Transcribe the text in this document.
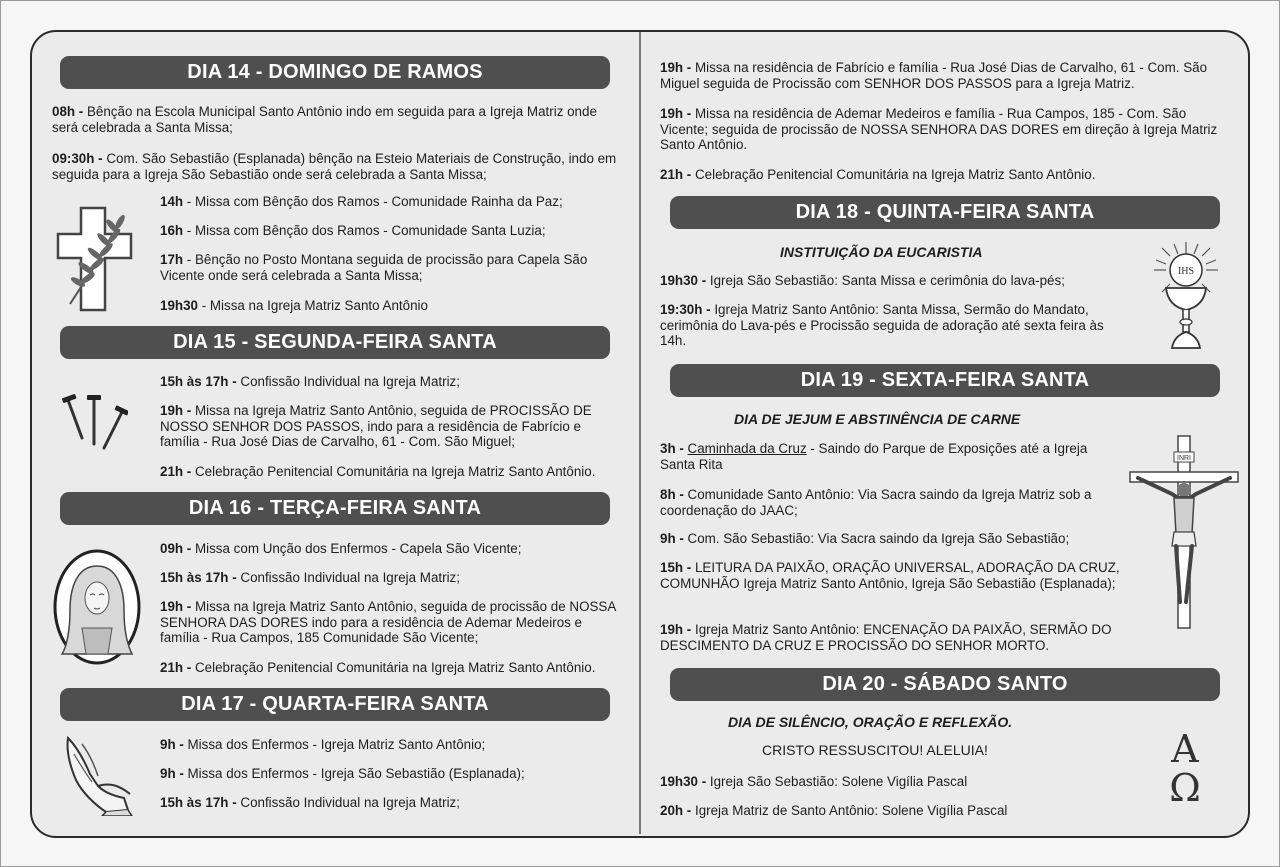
DIA 14 - DOMINGO DE RAMOS

08h - Bênção na Escola Municipal Santo Antônio indo em seguida para a Igreja Matriz onde será celebrada a Santa Missa;

09:30h - Com. São Sebastião (Esplanada) bênção na Esteio Materiais de Construção, indo em seguida para a Igreja São Sebastião onde será celebrada a Santa Missa;

14h - Missa com Bênção dos Ramos - Comunidade Rainha da Paz;

16h - Missa com Bênção dos Ramos - Comunidade Santa Luzia;

17h - Bênção no Posto Montana seguida de procissão para Capela São Vicente onde será celebrada a Santa Missa;

19h30 - Missa na Igreja Matriz Santo Antônio

DIA 15 - SEGUNDA-FEIRA SANTA

15h às 17h - Confissão Individual na Igreja Matriz;

19h - Missa na Igreja Matriz Santo Antônio, seguida de PROCISSÃO DE NOSSO SENHOR DOS PASSOS, indo para a residência de Fabrício e família - Rua José Dias de Carvalho, 61 - Com. São Miguel;

21h - Celebração Penitencial Comunitária na Igreja Matriz Santo Antônio.

DIA 16 - TERÇA-FEIRA SANTA

09h - Missa com Unção dos Enfermos - Capela São Vicente;

15h às 17h - Confissão Individual na Igreja Matriz;

19h - Missa na Igreja Matriz Santo Antônio, seguida de procissão de NOSSA SENHORA DAS DORES indo para a residência de Ademar Medeiros e família - Rua Campos, 185 Comunidade São Vicente;

21h - Celebração Penitencial Comunitária na Igreja Matriz Santo Antônio.

DIA 17 - QUARTA-FEIRA SANTA

9h - Missa dos Enfermos - Igreja Matriz Santo Antônio;

9h - Missa dos Enfermos - Igreja São Sebastião (Esplanada);

15h às 17h - Confissão Individual na Igreja Matriz;

19h - Missa na residência de Fabrício e família - Rua José Dias de Carvalho, 61 - Com. São Miguel seguida de Procissão com SENHOR DOS PASSOS para a Igreja Matriz.

19h - Missa na residência de Ademar Medeiros e família - Rua Campos, 185 - Com. São Vicente; seguida de procissão de NOSSA SENHORA DAS DORES em direção à Igreja Matriz Santo Antônio.

21h - Celebração Penitencial Comunitária na Igreja Matriz Santo Antônio.

DIA 18 - QUINTA-FEIRA SANTA
INSTITUIÇÃO DA EUCARISTIA
IHS

19h30 - Igreja São Sebastião: Santa Missa e cerimônia do lava-pés;

19:30h - Igreja Matriz Santo Antônio: Santa Missa, Sermão do Mandato, cerimônia do Lava-pés e Procissão seguida de adoração até sexta feira às 14h.

DIA 19 - SEXTA-FEIRA SANTA
DIA DE JEJUM E ABSTINÊNCIA DE CARNE
INRI

3h - Caminhada da Cruz - Saindo do Parque de Exposições até a Igreja Santa Rita

8h - Comunidade Santo Antônio: Via Sacra saindo da Igreja Matriz sob a coordenação do JAAC;

9h - Com. São Sebastião: Via Sacra saindo da Igreja São Sebastião;

15h - LEITURA DA PAIXÃO, ORAÇÃO UNIVERSAL, ADORAÇÃO DA CRUZ, COMUNHÃO Igreja Matriz Santo Antônio, Igreja São Sebastião (Esplanada);

19h - Igreja Matriz Santo Antônio: ENCENAÇÃO DA PAIXÃO, SERMÃO DO DESCIMENTO DA CRUZ E PROCISSÃO DO SENHOR MORTO.

DIA 20 - SÁBADO SANTO
DIA DE SILÊNCIO, ORAÇÃO E REFLEXÃO.
CRISTO RESSUSCITOU! ALELUIA!	A
Ω

19h30 - Igreja São Sebastião: Solene Vigília Pascal

20h - Igreja Matriz de Santo Antônio: Solene Vigília Pascal
